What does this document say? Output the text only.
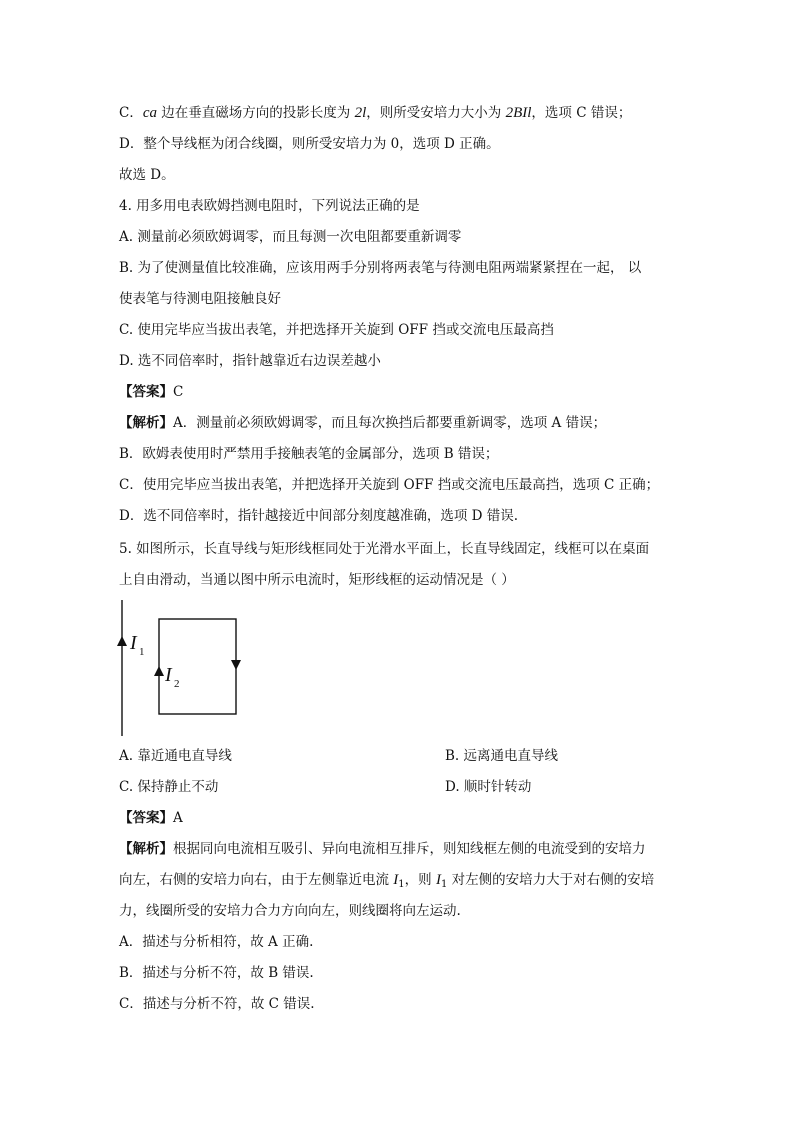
C．ca 边在垂直磁场方向的投影长度为 2l，则所受安培力大小为 2BIl，选项 C 错误；
D．整个导线框为闭合线圈，则所受安培力为 0，选项 D 正确。
故选 D。
4. 用多用电表欧姆挡测电阻时，下列说法正确的是
A. 测量前必须欧姆调零，而且每测一次电阻都要重新调零
B. 为了使测量值比较准确，应该用两手分别将两表笔与待测电阻两端紧紧捏在一起， 以
使表笔与待测电阻接触良好
C. 使用完毕应当拔出表笔，并把选择开关旋到 OFF 挡或交流电压最高挡
D. 选不同倍率时，指针越靠近右边误差越小
【答案】C
【解析】A．测量前必须欧姆调零，而且每次换挡后都要重新调零，选项 A 错误；
B．欧姆表使用时严禁用手接触表笔的金属部分，选项 B 错误；
C．使用完毕应当拔出表笔，并把选择开关旋到 OFF 挡或交流电压最高挡，选项 C 正确；
D．选不同倍率时，指针越接近中间部分刻度越准确，选项 D 错误.
5. 如图所示，长直导线与矩形线框同处于光滑水平面上，长直导线固定，线框可以在桌面
上自由滑动，当通以图中所示电流时，矩形线框的运动情况是（ ）
I 1
I 2
A. 靠近通电直导线	B. 远离通电直导线
C. 保持静止不动	D. 顺时针转动
【答案】A
【解析】根据同向电流相互吸引、异向电流相互排斥，则知线框左侧的电流受到的安培力
向左，右侧的安培力向右，由于左侧靠近电流 $I_1$，则 $I_1$ 对左侧的安培力大于对右侧的安培
力，线圈所受的安培力合力方向向左，则线圈将向左运动.
A．描述与分析相符，故 A 正确.
B．描述与分析不符，故 B 错误.
C．描述与分析不符，故 C 错误.
